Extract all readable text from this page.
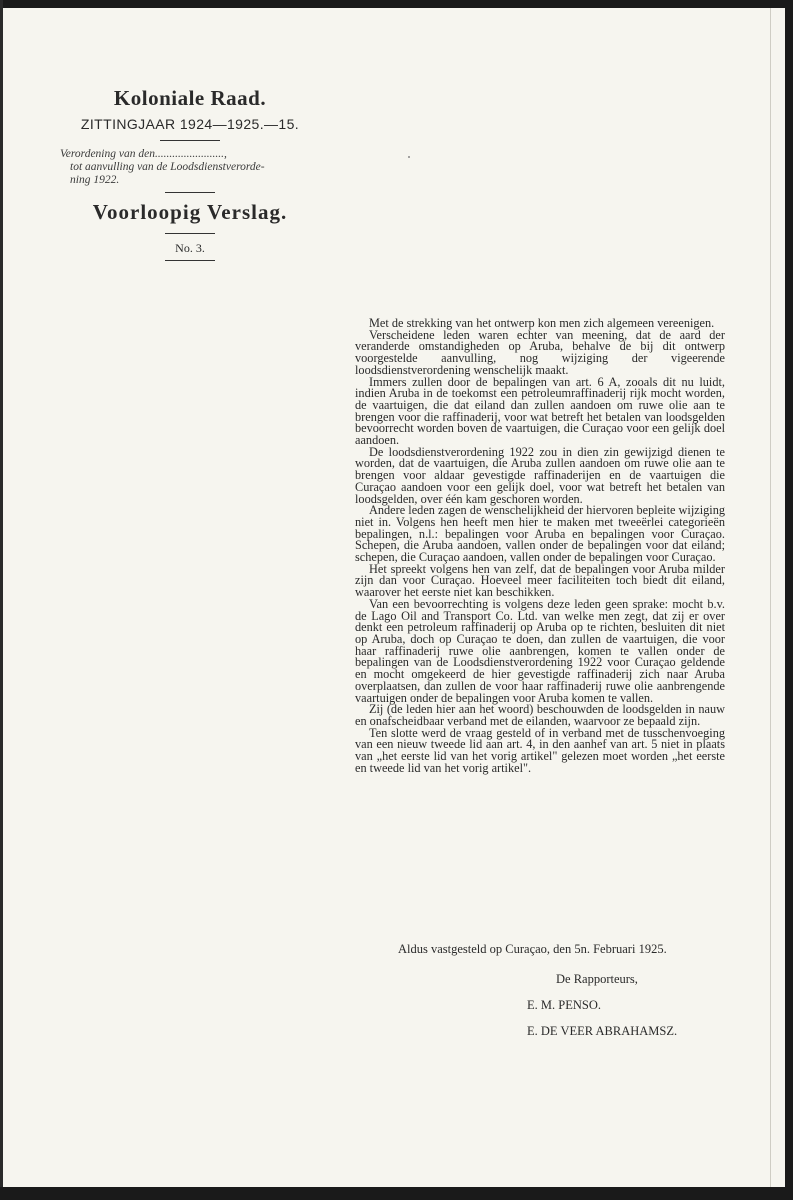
Koloniale Raad.
ZITTINGJAAR 1924—1925.—15.
Verordening van den........................,
tot aanvulling van de Loodsdienstverorde-
ning 1922.
Voorloopig Verslag.
No. 3.

Met de strekking van het ontwerp kon men zich algemeen vereenigen.

Verscheidene leden waren echter van meening, dat de aard der veranderde omstandigheden op Aruba, behalve de bij dit ontwerp voorgestelde aanvulling, nog wijziging der vigeerende loodsdienstverordening wenschelijk maakt.

Immers zullen door de bepalingen van art. 6 A, zooals dit nu luidt, indien Aruba in de toekomst een petroleumraffinaderij rijk mocht worden, de vaartuigen, die dat eiland dan zullen aandoen om ruwe olie aan te brengen voor die raffinaderij, voor wat betreft het betalen van loodsgelden bevoorrecht worden boven de vaartuigen, die Curaçao voor een gelijk doel aandoen.

De loodsdienstverordening 1922 zou in dien zin gewijzigd dienen te worden, dat de vaartuigen, die Aruba zullen aandoen om ruwe olie aan te brengen voor aldaar gevestigde raffinaderijen en de vaartuigen die Curaçao aandoen voor een gelijk doel, voor wat betreft het betalen van loodsgelden, over één kam geschoren worden.

Andere leden zagen de wenschelijkheid der hiervoren bepleite wijziging niet in. Volgens hen heeft men hier te maken met tweeërlei categorieën bepalingen, n.l.: bepalingen voor Aruba en bepalingen voor Curaçao. Schepen, die Aruba aandoen, vallen onder de bepalingen voor dat eiland; schepen, die Curaçao aandoen, vallen onder de bepalingen voor Curaçao.

Het spreekt volgens hen van zelf, dat de bepalingen voor Aruba milder zijn dan voor Curaçao. Hoeveel meer faciliteiten toch biedt dit eiland, waarover het eerste niet kan beschikken.

Van een bevoorrechting is volgens deze leden geen sprake: mocht b.v. de Lago Oil and Transport Co. Ltd. van welke men zegt, dat zij er over denkt een petroleum raffinaderij op Aruba op te richten, besluiten dit niet op Aruba, doch op Curaçao te doen, dan zullen de vaartuigen, die voor haar raffinaderij ruwe olie aanbrengen, komen te vallen onder de bepalingen van de Loodsdienstverordening 1922 voor Curaçao geldende en mocht omgekeerd de hier gevestigde raffinaderij zich naar Aruba overplaatsen, dan zullen de voor haar raffinaderij ruwe olie aanbrengende vaartuigen onder de bepalingen voor Aruba komen te vallen.

Zij (de leden hier aan het woord) beschouwden de loodsgelden in nauw en onafscheidbaar verband met de eilanden, waarvoor ze bepaald zijn.

Ten slotte werd de vraag gesteld of in verband met de tusschenvoeging van een nieuw tweede lid aan art. 4, in den aanhef van art. 5 niet in plaats van „het eerste lid van het vorig artikel" gelezen moet worden „het eerste en tweede lid van het vorig artikel".

Aldus vastgesteld op Curaçao, den 5n. Februari 1925.
De Rapporteurs,
E. M. PENSO.
E. DE VEER ABRAHAMSZ.
